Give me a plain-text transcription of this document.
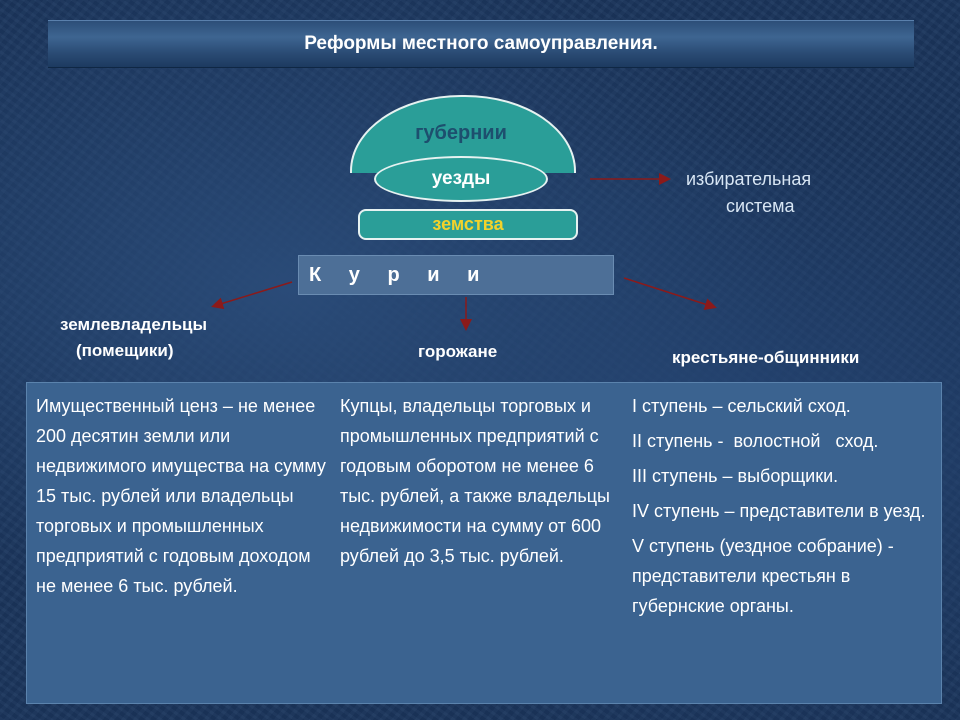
Реформы местного самоуправления.
губернии
уезды
земства
избирательная
система
К у р и и
землевладельцы
(помещики)	горожане	крестьяне-общинники
Имущественный ценз – не менее 200 десятин земли или недвижимого имущества на сумму 15 тыс. рублей или владельцы торговых и промышленных предприятий с годовым доходом не менее 6 тыс. рублей.
Купцы, владельцы торговых и промышленных предприятий с годовым оборотом не менее 6 тыс. рублей, а также владельцы недвижимости на сумму от 600 рублей до 3,5 тыс. рублей.
I ступень – сельский сход.
II ступень -  волостной   сход.
III ступень – выборщики.
IV ступень – представители в уезд.
V ступень (уездное собрание) - представители крестьян в губернские органы.
